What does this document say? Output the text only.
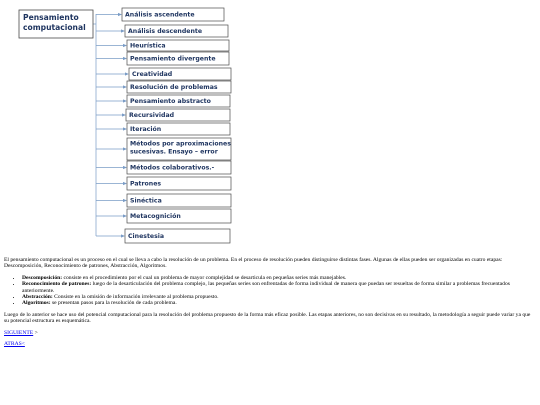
Pensamiento
computacional
Análisis ascendente
Análisis descendente
Heurística
Pensamiento divergente
Creatividad
Resolución de problemas
Pensamiento abstracto
Recursividad
Iteración
Métodos por aproximaciones
sucesivas. Ensayo – error
Métodos colaborativos.-
Patrones
Sinéctica
Metacognición
Cinestesia

El pensamiento computacional es un proceso en el cual se lleva a cabo la resolución de un problema. En el proceso de resolución pueden distinguirse distintas fases. Algunas de ellas pueden ser organizadas en cuatro etapas: Descomposición, Reconocimiento de patrones, Abstracción, Algoritmos.

• Descomposición: consiste en el procedimiento por el cual un problema de mayor complejidad se desarticula en pequeñas series más manejables.
• Reconocimiento de patrones: luego de la desarticulación del problema complejo, las pequeñas series son enfrentadas de forma individual de manera que puedan ser resueltas de forma similar a problemas frecuentados anteriormente.
• Abstracción: Consiste en la omisión de información irrelevante al problema propuesto.
• Algoritmos: se presentan pasos para la resolución de cada problema.

Luego de lo anterior se hace uso del potencial computacional para la resolución del problema propuesto de la forma más eficaz posible. Las etapas anteriores, no son decisivas en su resultado, la metodología a seguir puede variar ya que su potencial estructura es esquemática.

SIGUIENTE >

ATRAS<
